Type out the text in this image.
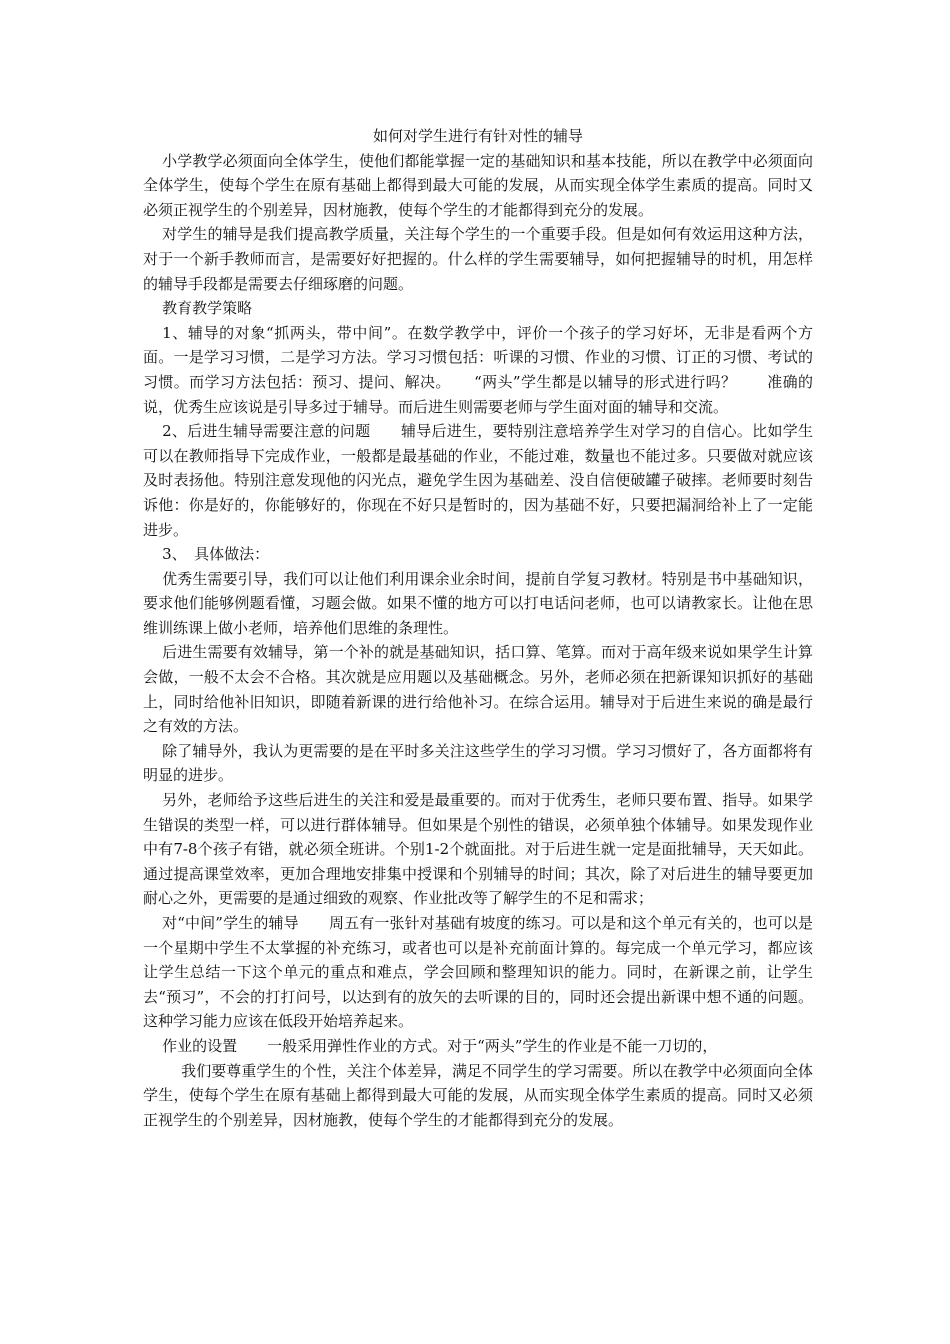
如何对学生进行有针对性的辅导

小学教学必须面向全体学生，使他们都能掌握一定的基础知识和基本技能，所以在教学中必须面向全体学生，使每个学生在原有基础上都得到最大可能的发展，从而实现全体学生素质的提高。同时又必须正视学生的个别差异，因材施教，使每个学生的才能都得到充分的发展。

对学生的辅导是我们提高教学质量，关注每个学生的一个重要手段。但是如何有效运用这种方法，对于一个新手教师而言，是需要好好把握的。什么样的学生需要辅导，如何把握辅导的时机，用怎样的辅导手段都是需要去仔细琢磨的问题。

教育教学策略

1、辅导的对象“抓两头，带中间”。在数学教学中，评价一个孩子的学习好坏，无非是看两个方面。一是学习习惯，二是学习方法。学习习惯包括：听课的习惯、作业的习惯、订正的习惯、考试的习惯。而学习方法包括：预习、提问、解决。　　“两头”学生都是以辅导的形式进行吗？　　准确的说，优秀生应该说是引导多过于辅导。而后进生则需要老师与学生面对面的辅导和交流。

2、后进生辅导需要注意的问题　　辅导后进生，要特别注意培养学生对学习的自信心。比如学生可以在教师指导下完成作业，一般都是最基础的作业，不能过难，数量也不能过多。只要做对就应该及时表扬他。特别注意发现他的闪光点，避免学生因为基础差、没自信便破罐子破摔。老师要时刻告诉他：你是好的，你能够好的，你现在不好只是暂时的，因为基础不好，只要把漏洞给补上了一定能进步。

3、　具体做法：

优秀生需要引导，我们可以让他们利用课余业余时间，提前自学复习教材。特别是书中基础知识，要求他们能够例题看懂，习题会做。如果不懂的地方可以打电话问老师，也可以请教家长。让他在思维训练课上做小老师，培养他们思维的条理性。

后进生需要有效辅导，第一个补的就是基础知识，括口算、笔算。而对于高年级来说如果学生计算会做，一般不太会不合格。其次就是应用题以及基础概念。另外，老师必须在把新课知识抓好的基础上，同时给他补旧知识，即随着新课的进行给他补习。在综合运用。辅导对于后进生来说的确是最行之有效的方法。

除了辅导外，我认为更需要的是在平时多关注这些学生的学习习惯。学习习惯好了，各方面都将有明显的进步。

另外，老师给予这些后进生的关注和爱是最重要的。而对于优秀生，老师只要布置、指导。如果学生错误的类型一样，可以进行群体辅导。但如果是个别性的错误，必须单独个体辅导。如果发现作业中有7-8个孩子有错，就必须全班讲。个别1-2个就面批。对于后进生就一定是面批辅导，天天如此。通过提高课堂效率，更加合理地安排集中授课和个别辅导的时间；其次，除了对后进生的辅导要更加耐心之外，更需要的是通过细致的观察、作业批改等了解学生的不足和需求；

对“中间”学生的辅导　　周五有一张针对基础有坡度的练习。可以是和这个单元有关的，也可以是一个星期中学生不太掌握的补充练习，或者也可以是补充前面计算的。每完成一个单元学习，都应该让学生总结一下这个单元的重点和难点，学会回顾和整理知识的能力。同时，在新课之前，让学生去“预习”，不会的打打问号，以达到有的放矢的去听课的目的，同时还会提出新课中想不通的问题。这种学习能力应该在低段开始培养起来。

作业的设置　　一般采用弹性作业的方式。对于“两头”学生的作业是不能一刀切的，

我们要尊重学生的个性，关注个体差异，满足不同学生的学习需要。所以在教学中必须面向全体学生，使每个学生在原有基础上都得到最大可能的发展，从而实现全体学生素质的提高。同时又必须正视学生的个别差异，因材施教，使每个学生的才能都得到充分的发展。
